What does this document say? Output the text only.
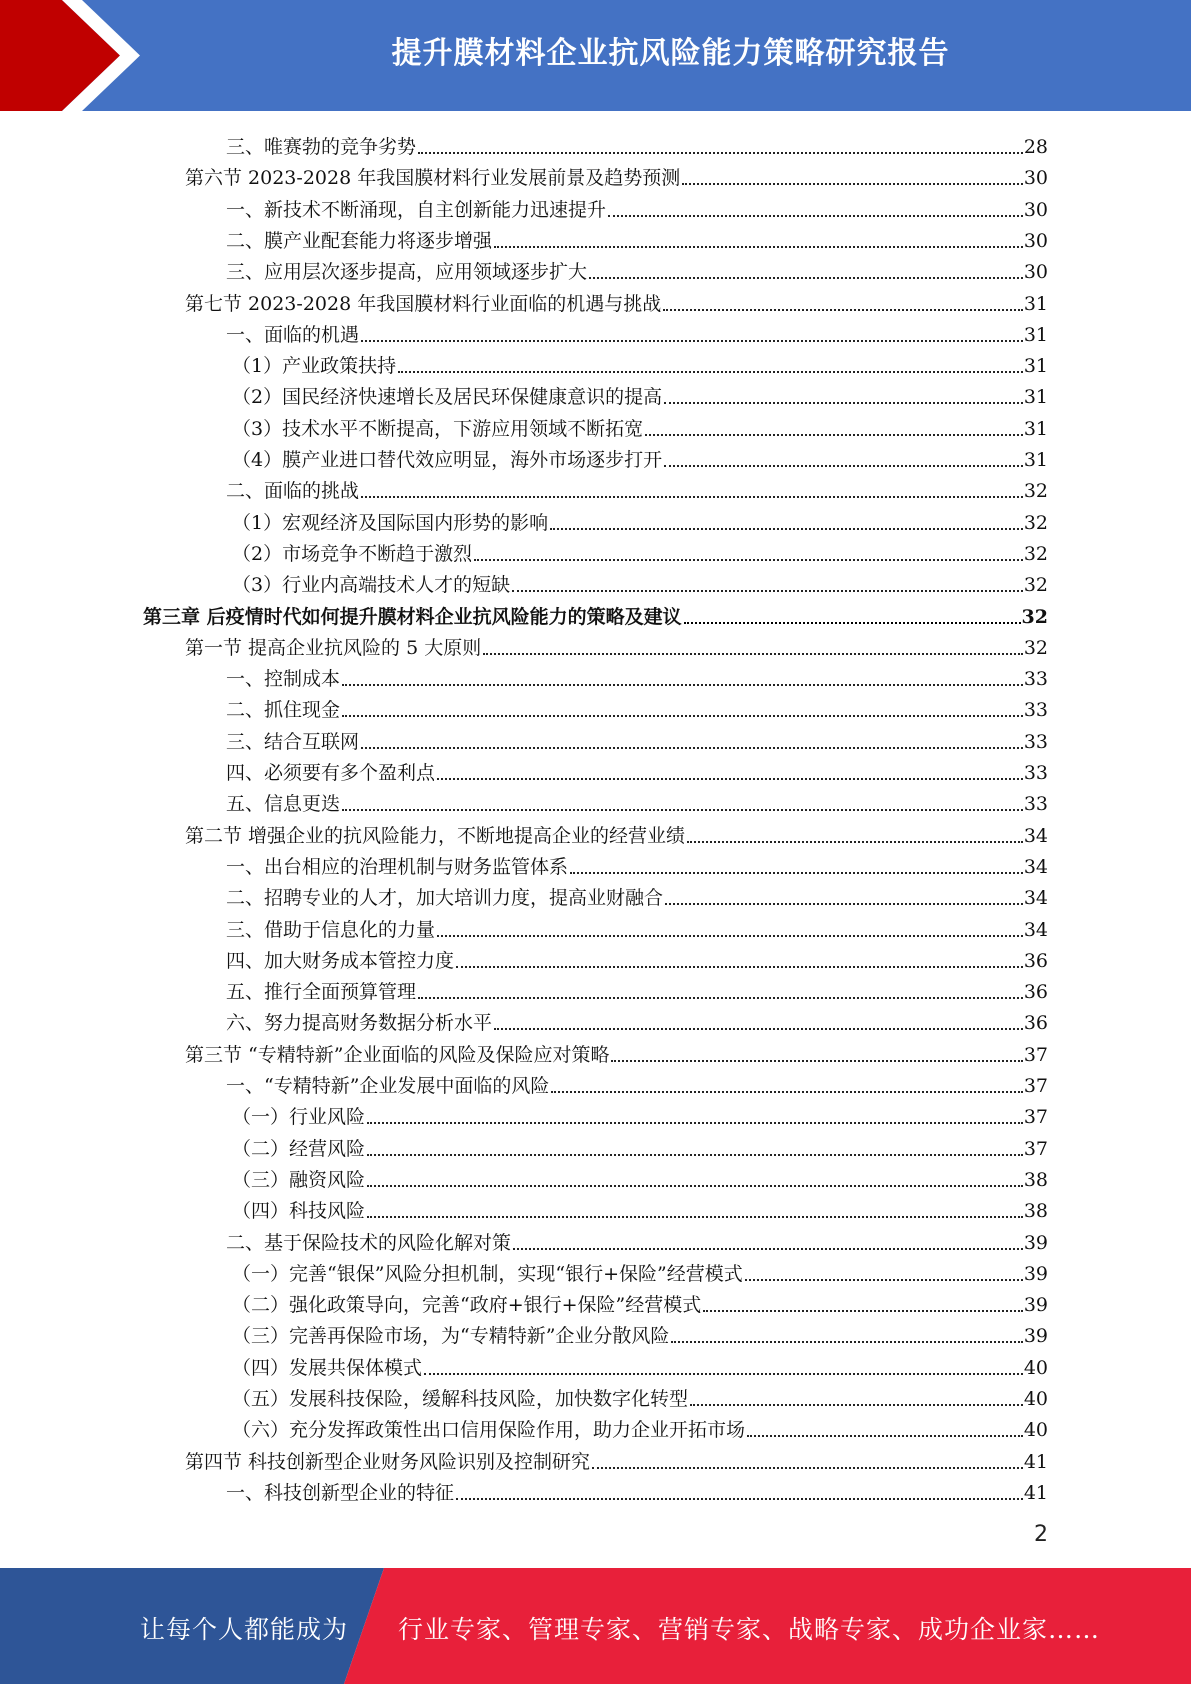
提升膜材料企业抗风险能力策略研究报告
三、唯赛勃的竞争劣势	28
第六节 2023-2028 年我国膜材料行业发展前景及趋势预测	30
一、新技术不断涌现，自主创新能力迅速提升	30
二、膜产业配套能力将逐步增强	30
三、应用层次逐步提高，应用领域逐步扩大	30
第七节 2023-2028 年我国膜材料行业面临的机遇与挑战	31
一、面临的机遇	31
（1）产业政策扶持	31
（2）国民经济快速增长及居民环保健康意识的提高	31
（3）技术水平不断提高，下游应用领域不断拓宽	31
（4）膜产业进口替代效应明显，海外市场逐步打开	31
二、面临的挑战	32
（1）宏观经济及国际国内形势的影响	32
（2）市场竞争不断趋于激烈	32
（3）行业内高端技术人才的短缺	32
第三章 后疫情时代如何提升膜材料企业抗风险能力的策略及建议	32
第一节 提高企业抗风险的 5 大原则	32
一、控制成本	33
二、抓住现金	33
三、结合互联网	33
四、必须要有多个盈利点	33
五、信息更迭	33
第二节 增强企业的抗风险能力，不断地提高企业的经营业绩	34
一、出台相应的治理机制与财务监管体系	34
二、招聘专业的人才，加大培训力度，提高业财融合	34
三、借助于信息化的力量	34
四、加大财务成本管控力度	36
五、推行全面预算管理	36
六、努力提高财务数据分析水平	36
第三节 “专精特新”企业面临的风险及保险应对策略	37
一、“专精特新”企业发展中面临的风险	37
（一）行业风险	37
（二）经营风险	37
（三）融资风险	38
（四）科技风险	38
二、基于保险技术的风险化解对策	39
（一）完善“银保”风险分担机制，实现“银行+保险”经营模式	39
（二）强化政策导向，完善“政府+银行+保险”经营模式	39
（三）完善再保险市场，为“专精特新”企业分散风险	39
（四）发展共保体模式	40
（五）发展科技保险，缓解科技风险，加快数字化转型	40
（六）充分发挥政策性出口信用保险作用，助力企业开拓市场	40
第四节 科技创新型企业财务风险识别及控制研究	41
一、科技创新型企业的特征	41
2
让每个人都能成为 行业专家、管理专家、营销专家、战略专家、成功企业家……
